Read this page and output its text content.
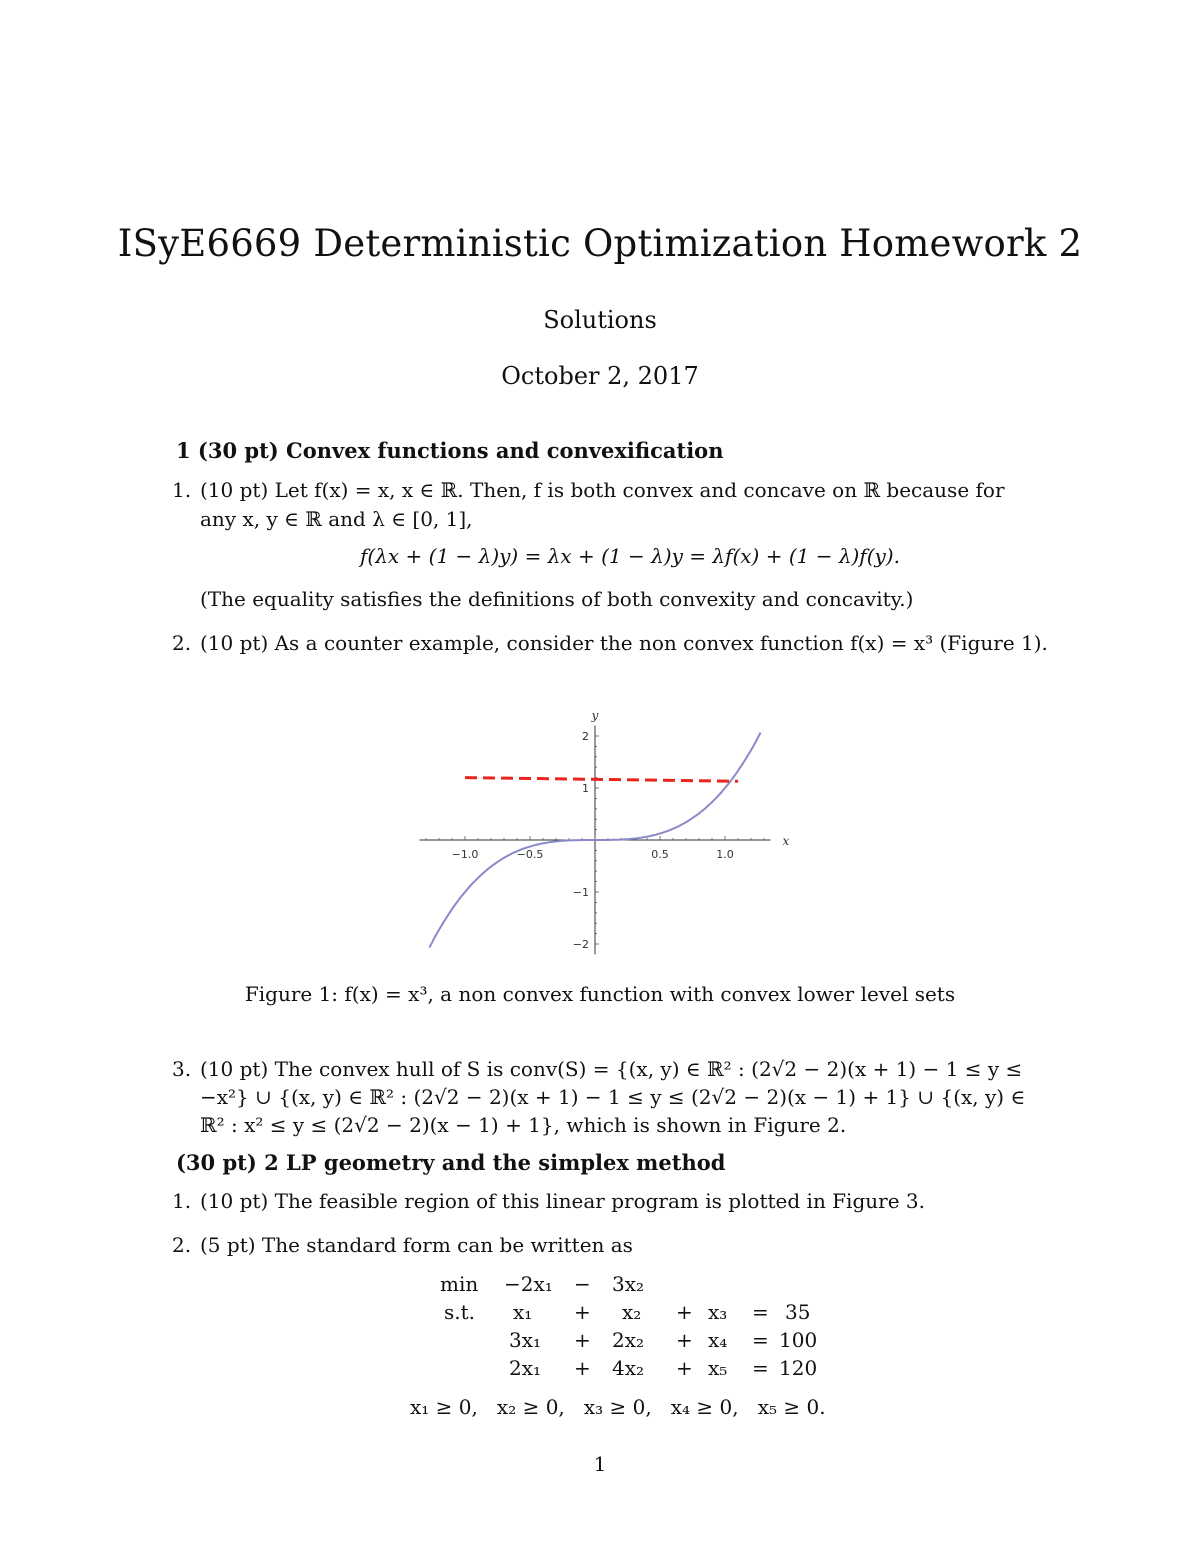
ISyE6669 Deterministic Optimization Homework 2
Solutions
October 2, 2017
1 (30 pt) Convex functions and convexification
1. (10 pt) Let f(x) = x, x ∈ ℝ. Then, f is both convex and concave on ℝ because for
any x, y ∈ ℝ and λ ∈ [0, 1],
f(λx + (1 − λ)y) = λx + (1 − λ)y = λf(x) + (1 − λ)f(y).
(The equality satisfies the definitions of both convexity and concavity.)
2. (10 pt) As a counter example, consider the non convex function f(x) = x³ (Figure 1).
−1.0	−0.5	0.5	1.0
2
1
−1
−2
x
y
Figure 1: f(x) = x³, a non convex function with convex lower level sets
3. (10 pt) The convex hull of S is conv(S) = {(x, y) ∈ ℝ² : (2√2 − 2)(x + 1) − 1 ≤ y ≤
−x²} ∪ {(x, y) ∈ ℝ² : (2√2 − 2)(x + 1) − 1 ≤ y ≤ (2√2 − 2)(x − 1) + 1} ∪ {(x, y) ∈
ℝ² : x² ≤ y ≤ (2√2 − 2)(x − 1) + 1}, which is shown in Figure 2.
(30 pt) 2 LP geometry and the simplex method
1. (10 pt) The feasible region of this linear program is plotted in Figure 3.
2. (5 pt) The standard form can be written as
min −2x₁ − 3x₂
s.t. x₁ + x₂ + x₃ = 35
3x₁ + 2x₂ + x₄ = 100
2x₁ + 4x₂ + x₅ = 120
x₁ ≥ 0,   x₂ ≥ 0,   x₃ ≥ 0,   x₄ ≥ 0,   x₅ ≥ 0.
1
